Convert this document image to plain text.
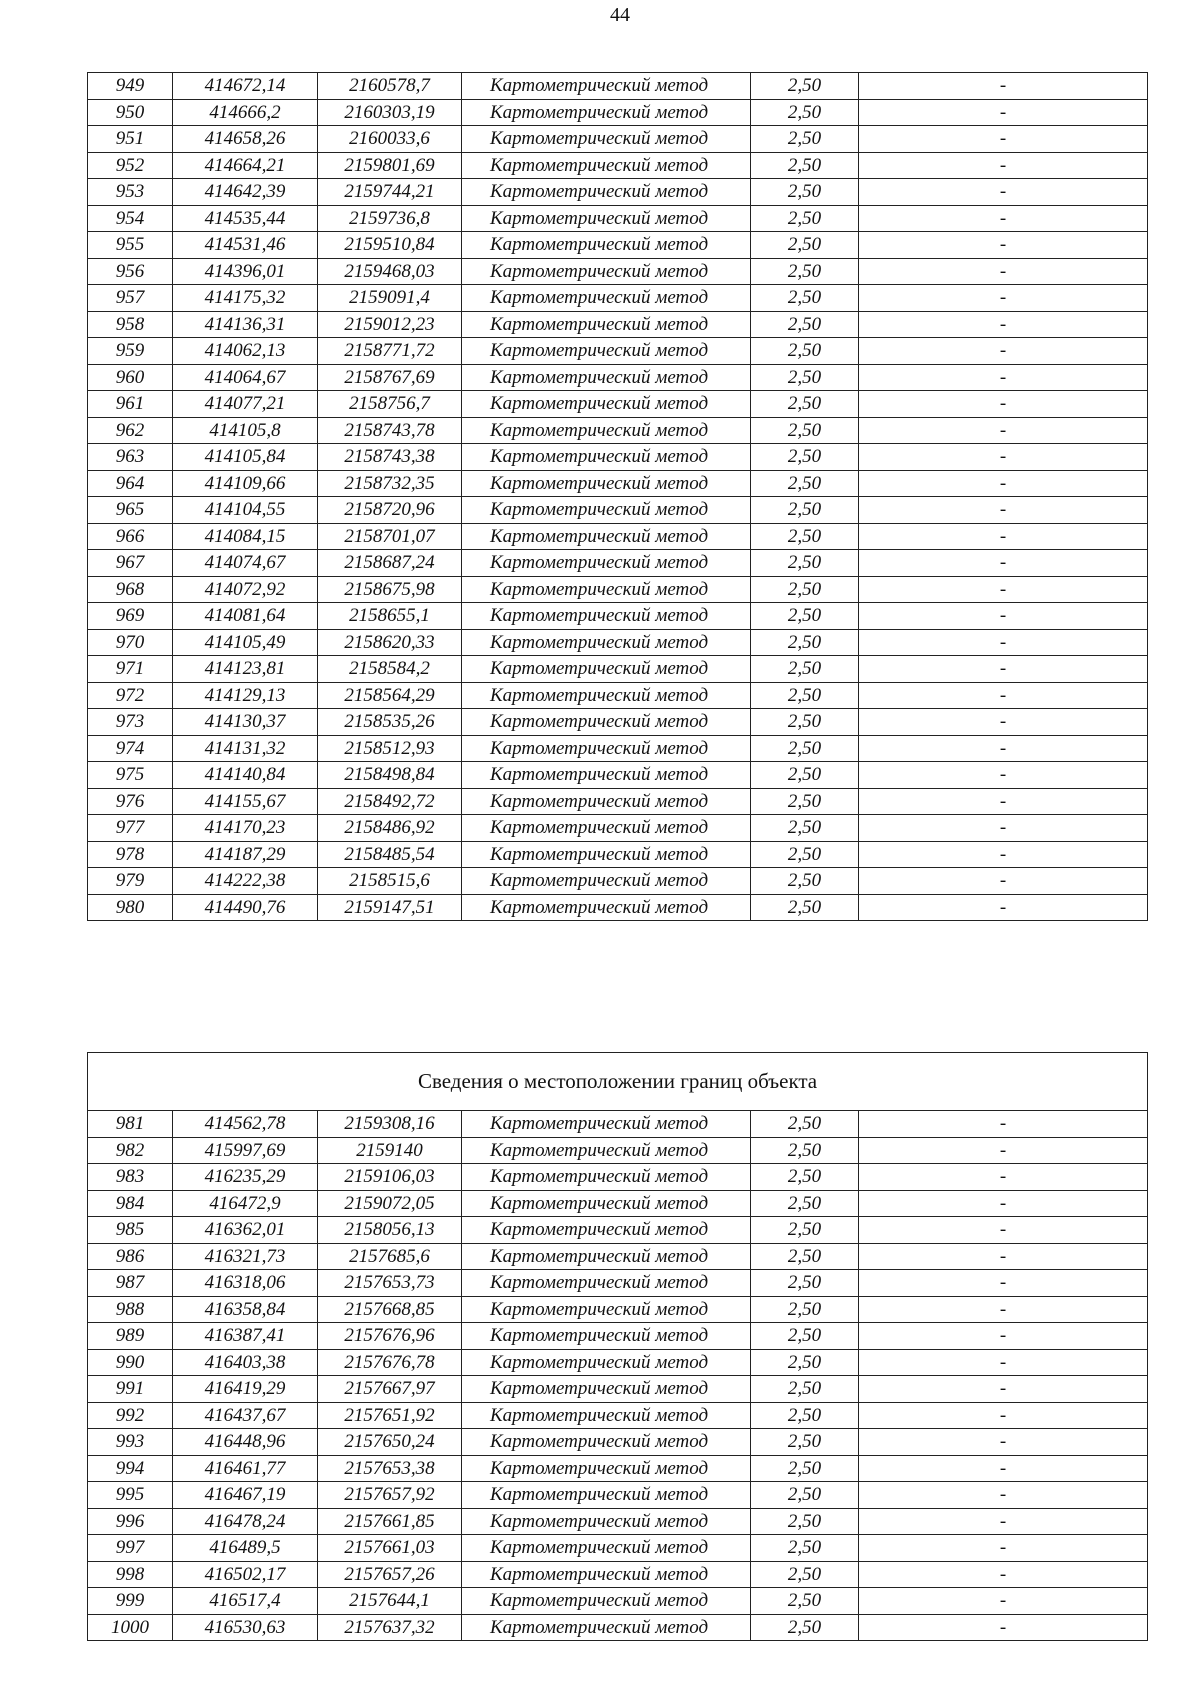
44
949	414672,14	2160578,7	Картометрический метод	2,50	-
950	414666,2	2160303,19	Картометрический метод	2,50	-
951	414658,26	2160033,6	Картометрический метод	2,50	-
952	414664,21	2159801,69	Картометрический метод	2,50	-
953	414642,39	2159744,21	Картометрический метод	2,50	-
954	414535,44	2159736,8	Картометрический метод	2,50	-
955	414531,46	2159510,84	Картометрический метод	2,50	-
956	414396,01	2159468,03	Картометрический метод	2,50	-
957	414175,32	2159091,4	Картометрический метод	2,50	-
958	414136,31	2159012,23	Картометрический метод	2,50	-
959	414062,13	2158771,72	Картометрический метод	2,50	-
960	414064,67	2158767,69	Картометрический метод	2,50	-
961	414077,21	2158756,7	Картометрический метод	2,50	-
962	414105,8	2158743,78	Картометрический метод	2,50	-
963	414105,84	2158743,38	Картометрический метод	2,50	-
964	414109,66	2158732,35	Картометрический метод	2,50	-
965	414104,55	2158720,96	Картометрический метод	2,50	-
966	414084,15	2158701,07	Картометрический метод	2,50	-
967	414074,67	2158687,24	Картометрический метод	2,50	-
968	414072,92	2158675,98	Картометрический метод	2,50	-
969	414081,64	2158655,1	Картометрический метод	2,50	-
970	414105,49	2158620,33	Картометрический метод	2,50	-
971	414123,81	2158584,2	Картометрический метод	2,50	-
972	414129,13	2158564,29	Картометрический метод	2,50	-
973	414130,37	2158535,26	Картометрический метод	2,50	-
974	414131,32	2158512,93	Картометрический метод	2,50	-
975	414140,84	2158498,84	Картометрический метод	2,50	-
976	414155,67	2158492,72	Картометрический метод	2,50	-
977	414170,23	2158486,92	Картометрический метод	2,50	-
978	414187,29	2158485,54	Картометрический метод	2,50	-
979	414222,38	2158515,6	Картометрический метод	2,50	-
980	414490,76	2159147,51	Картометрический метод	2,50	-
Сведения о местоположении границ объекта					
981	414562,78	2159308,16	Картометрический метод	2,50	-
982	415997,69	2159140	Картометрический метод	2,50	-
983	416235,29	2159106,03	Картометрический метод	2,50	-
984	416472,9	2159072,05	Картометрический метод	2,50	-
985	416362,01	2158056,13	Картометрический метод	2,50	-
986	416321,73	2157685,6	Картометрический метод	2,50	-
987	416318,06	2157653,73	Картометрический метод	2,50	-
988	416358,84	2157668,85	Картометрический метод	2,50	-
989	416387,41	2157676,96	Картометрический метод	2,50	-
990	416403,38	2157676,78	Картометрический метод	2,50	-
991	416419,29	2157667,97	Картометрический метод	2,50	-
992	416437,67	2157651,92	Картометрический метод	2,50	-
993	416448,96	2157650,24	Картометрический метод	2,50	-
994	416461,77	2157653,38	Картометрический метод	2,50	-
995	416467,19	2157657,92	Картометрический метод	2,50	-
996	416478,24	2157661,85	Картометрический метод	2,50	-
997	416489,5	2157661,03	Картометрический метод	2,50	-
998	416502,17	2157657,26	Картометрический метод	2,50	-
999	416517,4	2157644,1	Картометрический метод	2,50	-
1000	416530,63	2157637,32	Картометрический метод	2,50	-
